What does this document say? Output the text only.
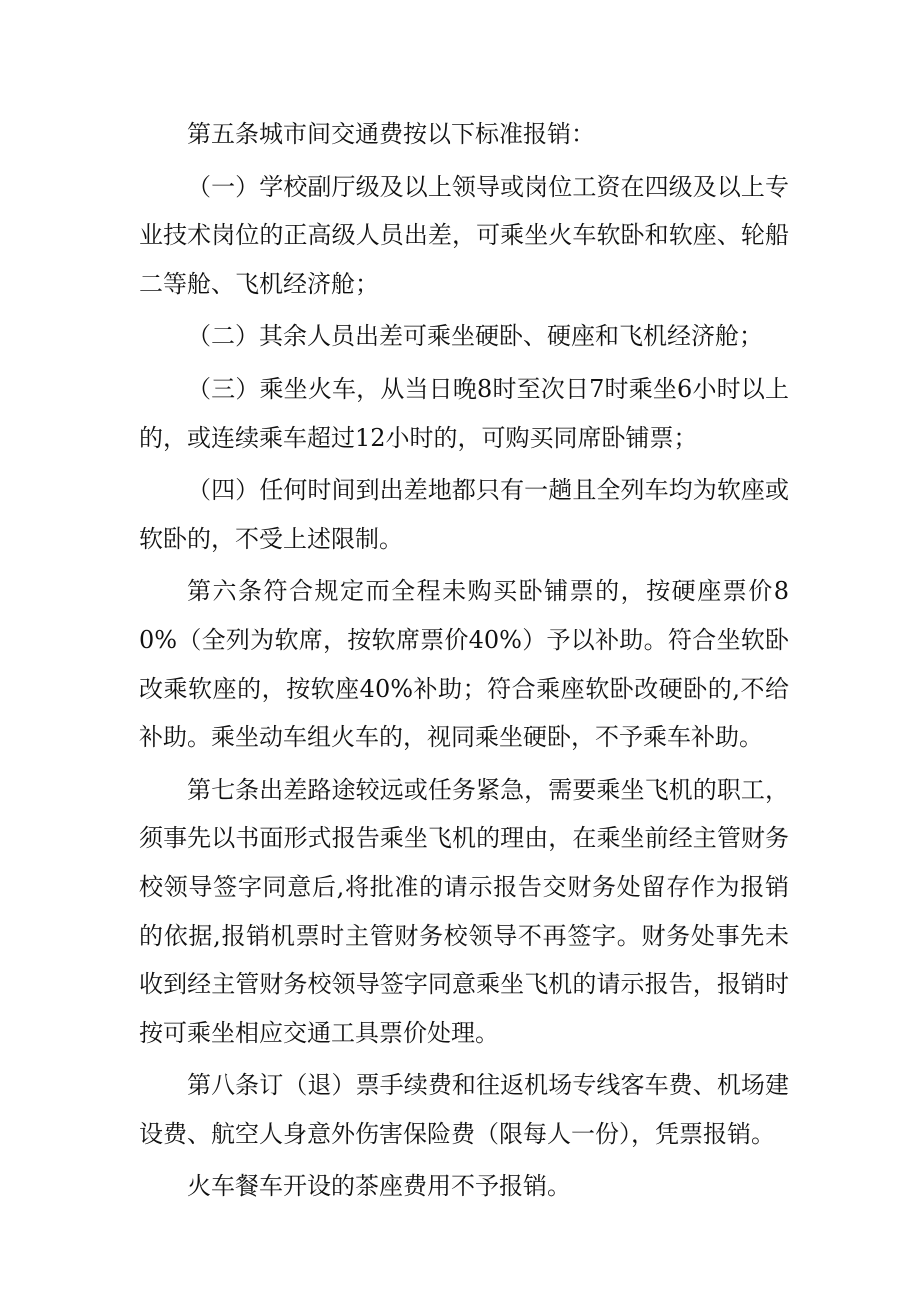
第五条城市间交通费按以下标准报销：

（一）学校副厅级及以上领导或岗位工资在四级及以上专业技术岗位的正高级人员出差，可乘坐火车软卧和软座、轮船二等舱、飞机经济舱；

（二）其余人员出差可乘坐硬卧、硬座和飞机经济舱；

（三）乘坐火车，从当日晚8时至次日7时乘坐6小时以上的，或连续乘车超过12小时的，可购买同席卧铺票；

（四）任何时间到出差地都只有一趟且全列车均为软座或软卧的，不受上述限制。

第六条符合规定而全程未购买卧铺票的，按硬座票价80%（全列为软席，按软席票价40%）予以补助。符合坐软卧改乘软座的，按软座40%补助；符合乘座软卧改硬卧的,不给补助。乘坐动车组火车的，视同乘坐硬卧，不予乘车补助。

第七条出差路途较远或任务紧急，需要乘坐飞机的职工，须事先以书面形式报告乘坐飞机的理由，在乘坐前经主管财务校领导签字同意后,将批准的请示报告交财务处留存作为报销的依据,报销机票时主管财务校领导不再签字。财务处事先未收到经主管财务校领导签字同意乘坐飞机的请示报告，报销时按可乘坐相应交通工具票价处理。

第八条订（退）票手续费和往返机场专线客车费、机场建设费、航空人身意外伤害保险费（限每人一份），凭票报销。

火车餐车开设的茶座费用不予报销。
